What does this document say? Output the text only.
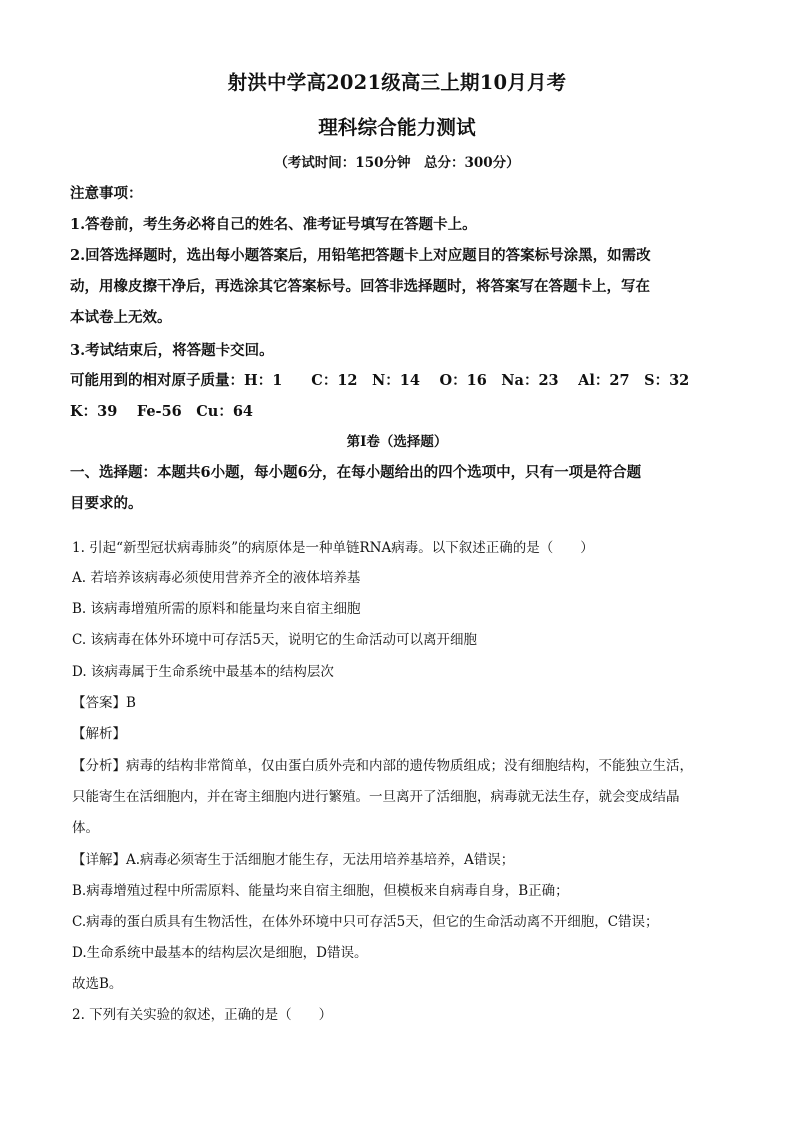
射洪中学高2021级高三上期10月月考
理科综合能力测试
（考试时间：150分钟　总分：300分）
注意事项：
1.答卷前，考生务必将自己的姓名、准考证号填写在答题卡上。
2.回答选择题时，选出每小题答案后，用铅笔把答题卡上对应题目的答案标号涂黑，如需改
动，用橡皮擦干净后，再选涂其它答案标号。回答非选择题时，将答案写在答题卡上，写在
本试卷上无效。
3.考试结束后，将答题卡交回。
可能用到的相对原子质量：H：1　　C：12　N：14　 O：16　Na：23　 Al：27　S：32
K：39　 Fe-56　Cu：64
第Ⅰ卷（选择题）
一、选择题：本题共6小题，每小题6分，在每小题给出的四个选项中，只有一项是符合题
目要求的。
1. 引起“新型冠状病毒肺炎”的病原体是一种单链RNA病毒。以下叙述正确的是（　　）
A. 若培养该病毒必须使用营养齐全的液体培养基
B. 该病毒增殖所需的原料和能量均来自宿主细胞
C. 该病毒在体外环境中可存活5天，说明它的生命活动可以离开细胞
D. 该病毒属于生命系统中最基本的结构层次
【答案】B
【解析】
【分析】病毒的结构非常简单，仅由蛋白质外壳和内部的遗传物质组成；没有细胞结构，不能独立生活，
只能寄生在活细胞内，并在寄主细胞内进行繁殖。一旦离开了活细胞，病毒就无法生存，就会变成结晶
体。
【详解】A.病毒必须寄生于活细胞才能生存，无法用培养基培养，A错误；
B.病毒增殖过程中所需原料、能量均来自宿主细胞，但模板来自病毒自身，B正确；
C.病毒的蛋白质具有生物活性，在体外环境中只可存活5天，但它的生命活动离不开细胞，C错误；
D.生命系统中最基本的结构层次是细胞，D错误。
故选B。
2. 下列有关实验的叙述，正确的是（　　）
